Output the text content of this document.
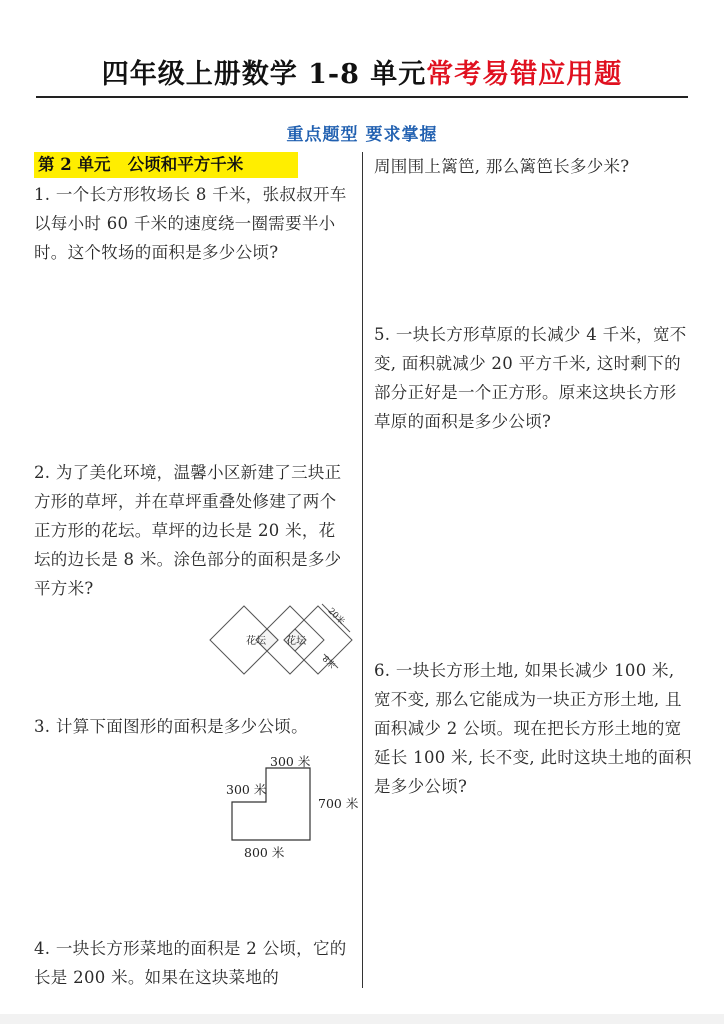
四年级上册数学 1-8 单元常考易错应用题
重点题型 要求掌握
第 2 单元   公顷和平方千米

1. 一个长方形牧场长 8 千米，张叔叔开车以每小时 60 千米的速度绕一圈需要半小时。这个牧场的面积是多少公顷?

2. 为了美化环境，温馨小区新建了三块正方形的草坪，并在草坪重叠处修建了两个正方形的花坛。草坪的边长是 20 米，花坛的边长是 8 米。涂色部分的面积是多少平方米?

花坛 花坛
20米
8米

3. 计算下面图形的面积是多少公顷。

300 米
300 米
700 米
800 米

4. 一块长方形菜地的面积是 2 公顷，它的长是 200 米。如果在这块菜地的

周围围上篱笆, 那么篱笆长多少米?

5. 一块长方形草原的长减少 4 千米，宽不变, 面积就减少 20 平方千米, 这时剩下的部分正好是一个正方形。原来这块长方形草原的面积是多少公顷?

6. 一块长方形土地, 如果长减少 100 米, 宽不变, 那么它能成为一块正方形土地, 且面积减少 2 公顷。现在把长方形土地的宽延长 100 米, 长不变, 此时这块土地的面积是多少公顷?
